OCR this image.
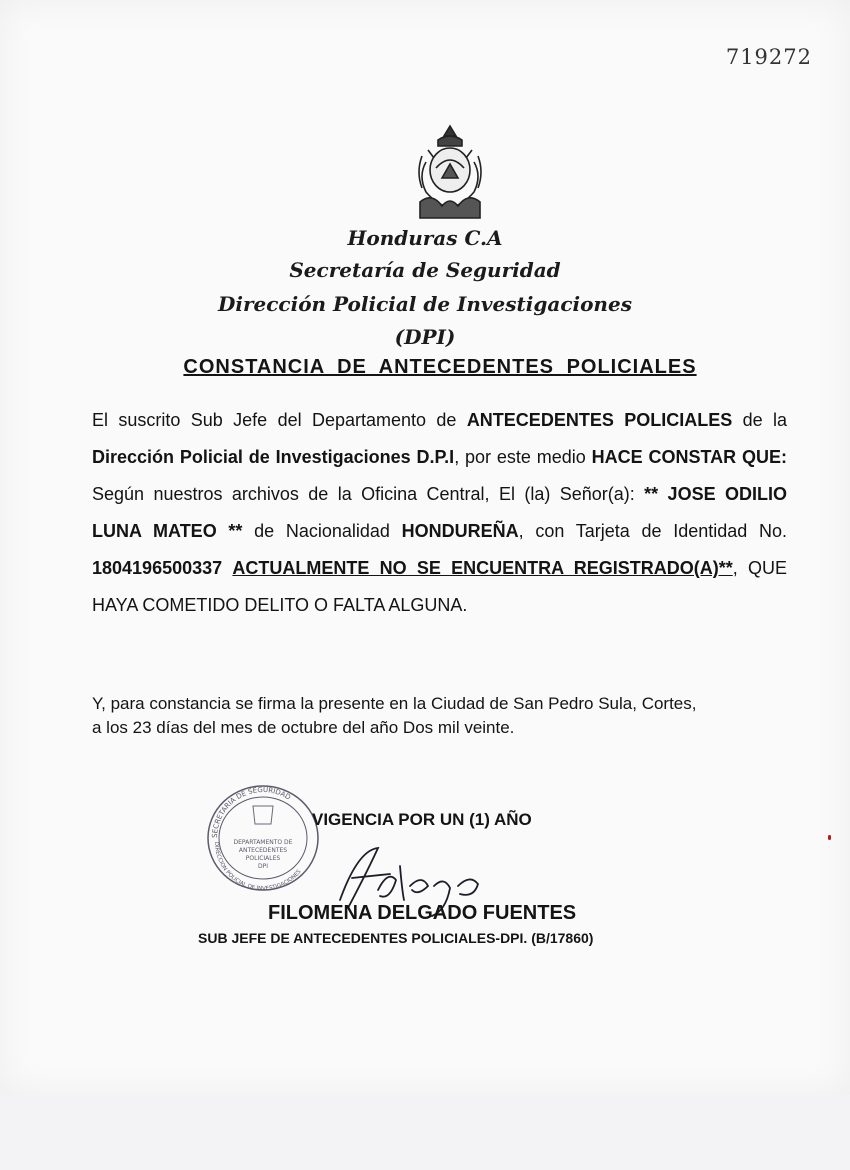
719272
Honduras C.A
Secretaría de Seguridad
Dirección Policial de Investigaciones
(DPI)
CONSTANCIA DE ANTECEDENTES POLICIALES
El suscrito Sub Jefe del Departamento de ANTECEDENTES POLICIALES de la Dirección Policial de Investigaciones D.P.I, por este medio HACE CONSTAR QUE: Según nuestros archivos de la Oficina Central, El (la) Señor(a): ** JOSE ODILIO LUNA MATEO ** de Nacionalidad HONDUREÑA, con Tarjeta de Identidad No. 1804196500337 ACTUALMENTE NO SE ENCUENTRA REGISTRADO(A)**, QUE HAYA COMETIDO DELITO O FALTA ALGUNA.
Y, para constancia se firma la presente en la Ciudad de San Pedro Sula, Cortes,
a los 23 días del mes de octubre del año Dos mil veinte.
SECRETARIA DE SEGURIDAD
DIRECCION POLICIAL DE INVESTIGACIONES
DEPARTAMENTO DE
ANTECEDENTES
POLICIALES
DPI
VIGENCIA POR UN (1) AÑO
FILOMENA DELGADO FUENTES
SUB JEFE DE ANTECEDENTES POLICIALES-DPI. (B/17860)
